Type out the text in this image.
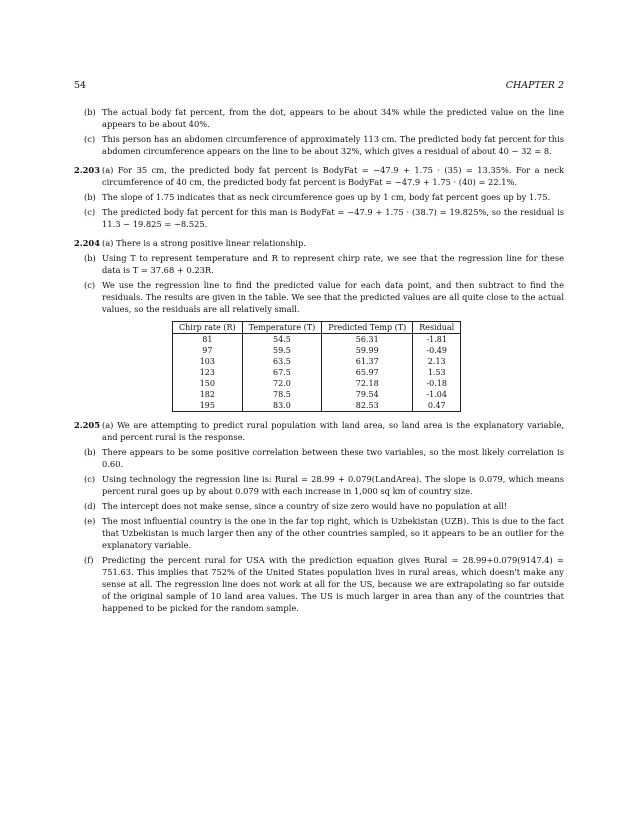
54	CHAPTER 2
(b) The actual body fat percent, from the dot, appears to be about 34% while the predicted value on the line appears to be about 40%.
(c) This person has an abdomen circumference of approximately 113 cm. The predicted body fat percent for this abdomen circumference appears on the line to be about 32%, which gives a residual of about 40 − 32 = 8.
2.203 (a) For 35 cm, the predicted body fat percent is BodyFat = −47.9 + 1.75 · (35) = 13.35%. For a neck circumference of 40 cm, the predicted body fat percent is BodyFat = −47.9 + 1.75 · (40) = 22.1%.
(b) The slope of 1.75 indicates that as neck circumference goes up by 1 cm, body fat percent goes up by 1.75.
(c) The predicted body fat percent for this man is BodyFat = −47.9 + 1.75 · (38.7) = 19.825%, so the residual is 11.3 − 19.825 = −8.525.
2.204 (a) There is a strong positive linear relationship.
(b) Using T to represent temperature and R to represent chirp rate, we see that the regression line for these data is T = 37.68 + 0.23R.
(c) We use the regression line to find the predicted value for each data point, and then subtract to find the residuals. The results are given in the table. We see that the predicted values are all quite close to the actual values, so the residuals are all relatively small.
Chirp rate (R)	Temperature (T)	Predicted Temp (T)	Residual
81	54.5	56.31	-1.81
97	59.5	59.99	-0.49
103	63.5	61.37	2.13
123	67.5	65.97	1.53
150	72.0	72.18	-0.18
182	78.5	79.54	-1.04
195	83.0	82.53	0.47
2.205 (a) We are attempting to predict rural population with land area, so land area is the explanatory variable, and percent rural is the response.
(b) There appears to be some positive correlation between these two variables, so the most likely correlation is 0.60.
(c) Using technology the regression line is: Rural = 28.99 + 0.079(LandArea). The slope is 0.079, which means percent rural goes up by about 0.079 with each increase in 1,000 sq km of country size.
(d) The intercept does not make sense, since a country of size zero would have no population at all!
(e) The most influential country is the one in the far top right, which is Uzbekistan (UZB). This is due to the fact that Uzbekistan is much larger then any of the other countries sampled, so it appears to be an outlier for the explanatory variable.
(f) Predicting the percent rural for USA with the prediction equation gives Rural = 28.99+0.079(9147.4) = 751.63. This implies that 752% of the United States population lives in rural areas, which doesn't make any sense at all. The regression line does not work at all for the US, because we are extrapolating so far outside of the original sample of 10 land area values. The US is much larger in area than any of the countries that happened to be picked for the random sample.
